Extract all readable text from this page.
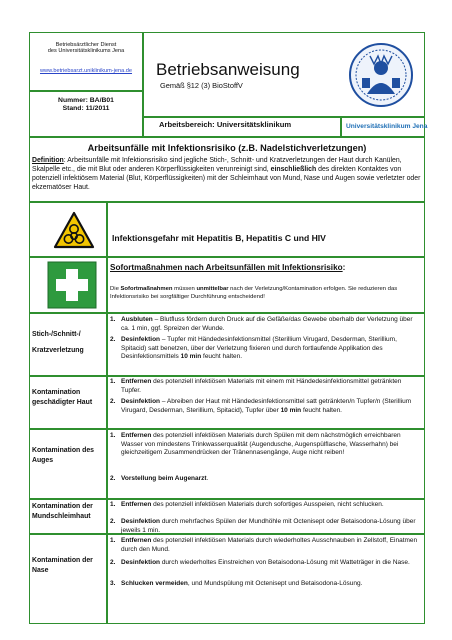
Betriebsärztlicher Dienst
des Universitätsklinikums Jena
www.betriebsarzt.uniklinikum-jena.de
Nummer: BA/B01
Stand: 11/2011
Betriebsanweisung
Gemäß §12 (3) BioStoffV
Arbeitsbereich: Universitätsklinikum	Universitätsklinikum Jena
Arbeitsunfälle mit Infektionsrisiko (z.B. Nadelstichverletzungen)
Definition: Arbeitsunfälle mit Infektionsrisiko sind jegliche Stich-, Schnitt- und Kratzverletzungen der Haut durch Kanülen, Skalpelle etc., die mit Blut oder anderen Körperflüssigkeiten verunreinigt sind, einschließlich des direkten Kontaktes von potenziell infektiösem Material (Blut, Körperflüssigkeiten) mit der Schleimhaut von Mund, Nase und Augen sowie verletzter oder ekzematöser Haut.
Infektionsgefahr mit Hepatitis B, Hepatitis C und HIV
Sofortmaßnahmen nach Arbeitsunfällen mit Infektionsrisiko:
Die Sofortmaßnahmen müssen unmittelbar nach der Verletzung/Kontamination erfolgen. Sie reduzieren das Infektionsrisiko bei sorgfältiger Durchführung entscheidend!
Stich-/Schnitt-/
Kratzverletzung
1. Ausbluten – Blutfluss fördern durch Druck auf die Gefäße/das Gewebe oberhalb der Verletzung über ca. 1 min, ggf. Spreizen der Wunde.
2. Desinfektion – Tupfer mit Händedesinfektionsmittel (Sterillium Virugard, Desderman, Sterillium, Spitacid) satt benetzen, über der Verletzung fixieren und durch fortlaufende Applikation des Desinfektionsmittels 10 min feucht halten.
Kontamination
geschädigter Haut
1. Entfernen des potenziell infektiösen Materials mit einem mit Händedesinfektionsmittel getränkten Tupfer.
2. Desinfektion – Abreiben der Haut mit Händedesinfektionsmittel satt getränkten/n Tupfer/n (Sterillium Virugard, Desderman, Sterillium, Spitacid), Tupfer über 10 min feucht halten.
Kontamination des
Auges
1. Entfernen des potenziell infektiösen Materials durch Spülen mit dem nächstmöglich erreichbaren Wasser von mindestens Trinkwasserqualität (Augendusche, Augenspülflasche, Wasserhahn) bei gleichzeitigem Zusammendrücken der Tränennasengänge, Auge nicht reiben!
2. Vorstellung beim Augenarzt.
Kontamination der
Mundschleimhaut
1. Entfernen des potenziell infektiösen Materials durch sofortiges Ausspeien, nicht schlucken.
2. Desinfektion durch mehrfaches Spülen der Mundhöhle mit Octenisept oder Betaisodona-Lösung über jeweils 1 min.
Kontamination der
Nase
1. Entfernen des potenziell infektiösen Materials durch wiederholtes Ausschnauben in Zellstoff, Einatmen durch den Mund.
2. Desinfektion durch wiederholtes Einstreichen von Betaisodona-Lösung mit Watteträger in die Nase.
3. Schlucken vermeiden, und Mundspülung mit Octenisept und Betaisodona-Lösung.
